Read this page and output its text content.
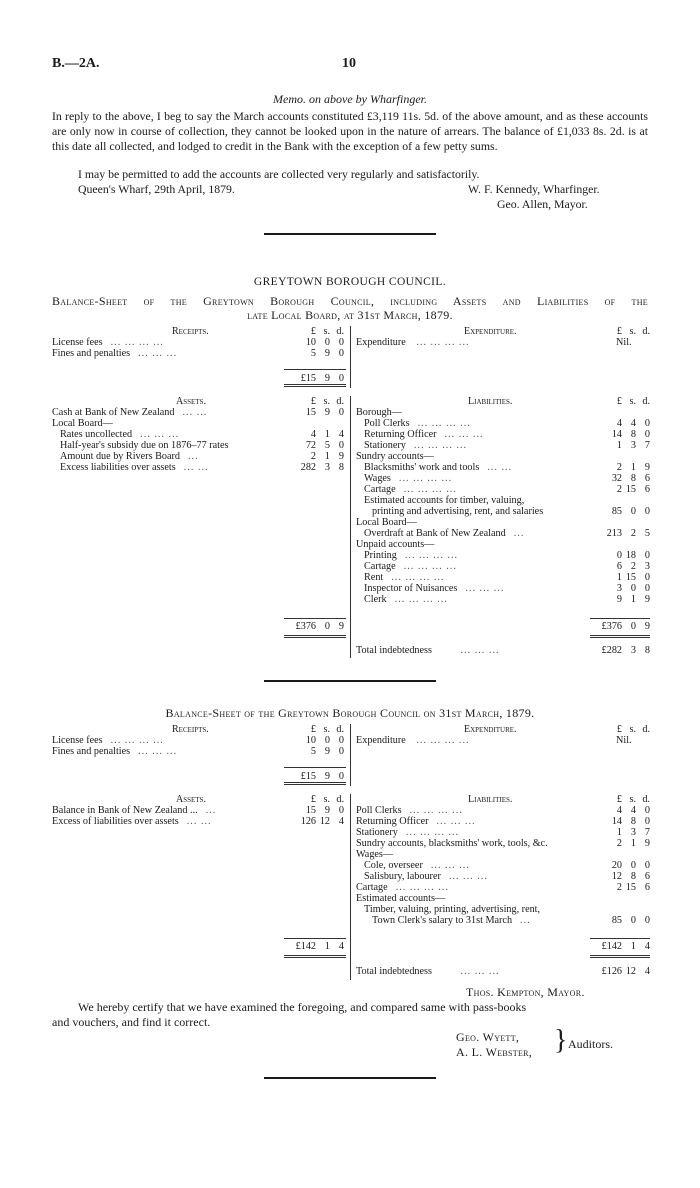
B.—2A.	10
Memo. on above by Wharfinger.
In reply to the above, I beg to say the March accounts constituted £3,119 11s. 5d. of the above amount, and as these accounts are only now in course of collection, they cannot be looked upon in the nature of arrears. The balance of £1,033 8s. 2d. is at this date all collected, and lodged to credit in the Bank with the exception of a few petty sums.
I may be permitted to add the accounts are collected very regularly and satisfactorily.
Queen's Wharf, 29th April, 1879.	W. F. Kennedy, Wharfinger.
Geo. Allen, Mayor.
GREYTOWN BOROUGH COUNCIL.
Balance-Sheet of the Greytown Borough Council, including Assets and Liabilities of the
late Local Board, at 31st March, 1879.
Receipts.	£ s. d.
License fees ... ... ... ...	10 0 0
Fines and penalties ... ... ...	5 9 0
£15 9 0
Expenditure.	£ s. d.
Expenditure ... ... ... ...	Nil.
Assets.	£ s. d.
Cash at Bank of New Zealand ... ...	15 9 0
Local Board—
Rates uncollected ... ... ...	4 1 4
Half-year's subsidy due on 1876–77 rates	72 5 0
Amount due by Rivers Board ...	2 1 9
Excess liabilities over assets ... ...	282 3 8
Liabilities.	£ s. d.
Borough—
Poll Clerks ... ... ... ...	4 4 0
Returning Officer ... ... ...	14 8 0
Stationery ... ... ... ...	1 3 7
Sundry accounts—
Blacksmiths' work and tools ... ...	2 1 9
Wages ... ... ... ...	32 8 6
Cartage ... ... ... ...	2 15 6
Estimated accounts for timber, valuing,
printing and advertising, rent, and salaries	85 0 0
Local Board—
Overdraft at Bank of New Zealand ...	213 2 5
Unpaid accounts—
Printing ... ... ... ...	0 18 0
Cartage ... ... ... ...	6 2 3
Rent ... ... ... ...	1 15 0
Inspector of Nuisances ... ... ...	3 0 0
Clerk ... ... ... ...	9 1 9
£376 0 9	£376 0 9
Total indebtedness	... ... ...	£282 3 8
Balance-Sheet of the Greytown Borough Council on 31st March, 1879.
Receipts.	£ s. d.
License fees ... ... ... ...	10 0 0
Fines and penalties ... ... ...	5 9 0
£15 9 0
Expenditure.	£ s. d.
Expenditure ... ... ... ...	Nil.
Assets.	£ s. d.
Balance in Bank of New Zealand ... ...	15 9 0
Excess of liabilities over assets ... ...	126 12 4
Liabilities.	£ s. d.
Poll Clerks ... ... ... ...	4 4 0
Returning Officer ... ... ...	14 8 0
Stationery ... ... ... ...	1 3 7
Sundry accounts, blacksmiths' work, tools, &c.	2 1 9
Wages—
Cole, overseer ... ... ...	20 0 0
Salisbury, labourer ... ... ...	12 8 6
Cartage ... ... ... ...	2 15 6
Estimated accounts—
Timber, valuing, printing, advertising, rent,
Town Clerk's salary to 31st March ...	85 0 0
£142 1 4	£142 1 4
Total indebtedness	... ... ...	£126 12 4
Thos. Kempton, Mayor.
We hereby certify that we have examined the foregoing, and compared same with pass-books
and vouchers, and find it correct.
Geo. Wyett,
A. L. Webster, } Auditors.
